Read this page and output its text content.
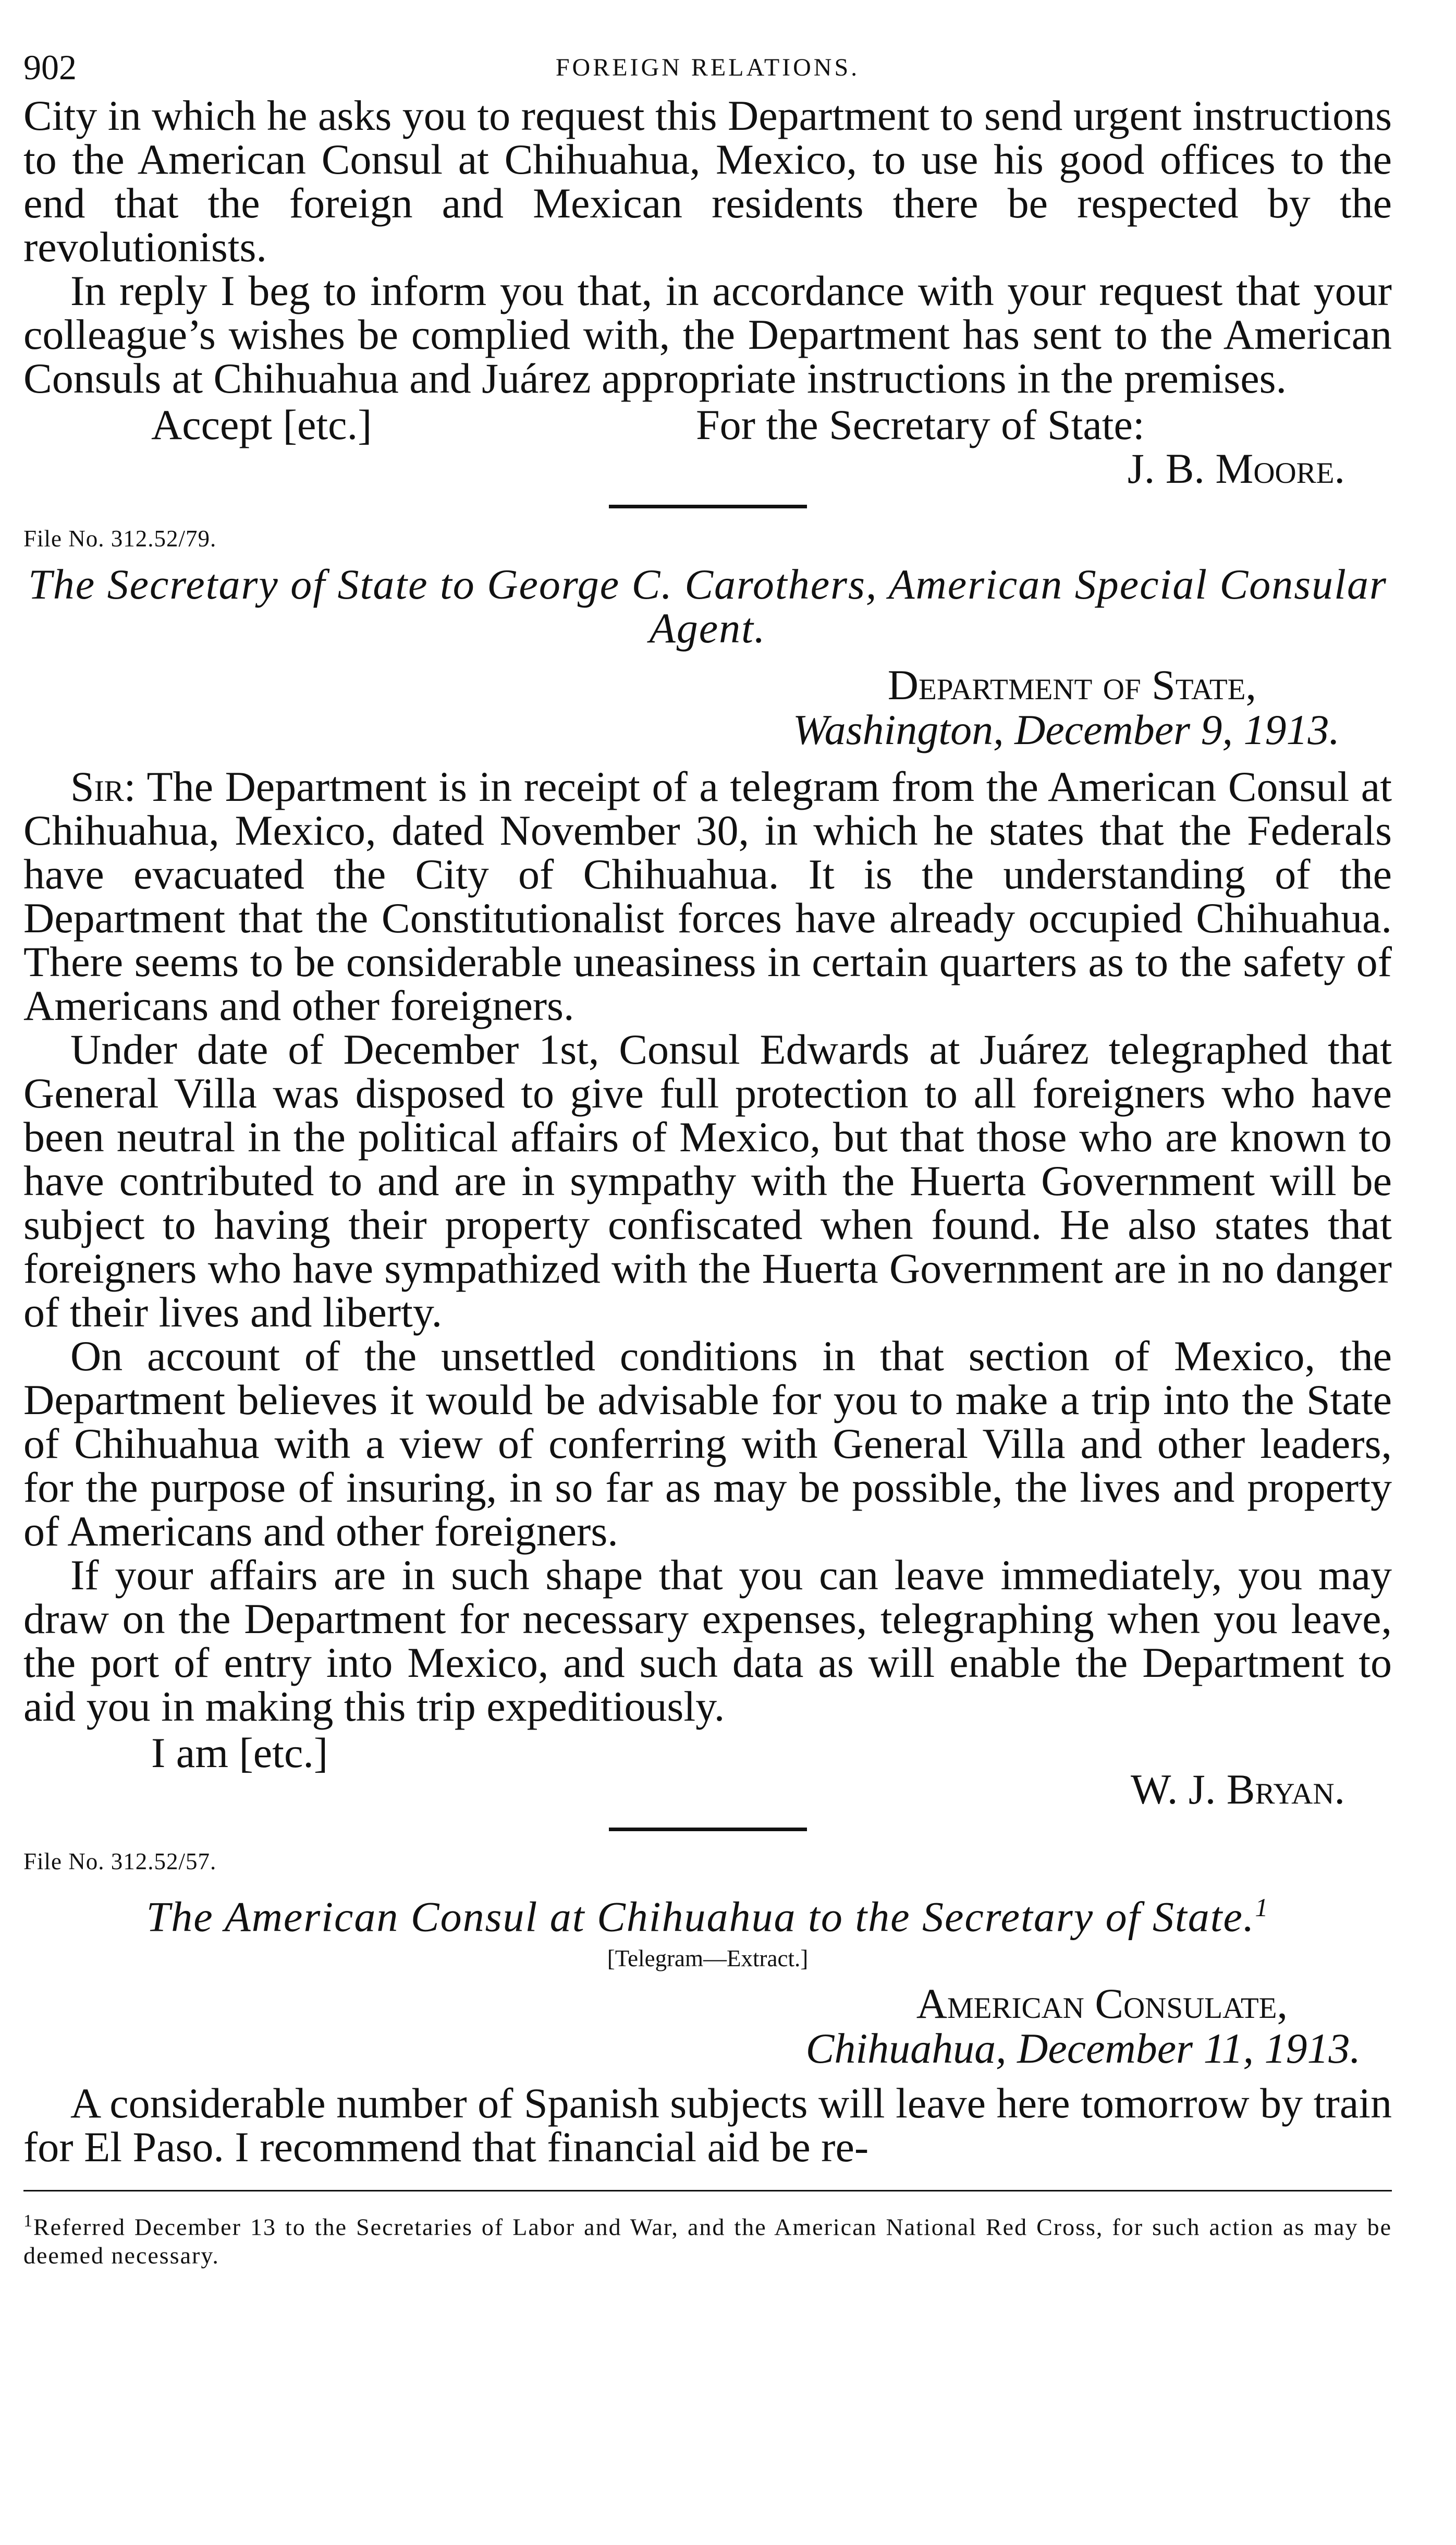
902	FOREIGN RELATIONS.

City in which he asks you to request this Department to send urgent instructions to the American Consul at Chihuahua, Mexico, to use his good offices to the end that the foreign and Mexican residents there be respected by the revolutionists.

In reply I beg to inform you that, in accordance with your request that your colleague’s wishes be complied with, the Department has sent to the American Consuls at Chihuahua and Juárez appropriate instructions in the premises.

Accept [etc.]	For the Secretary of State:
J. B. Moore.
File No. 312.52/79.
The Secretary of State to George C. Carothers, American Special Consular Agent.
Department of State,
Washington, December 9, 1913.

Sir: The Department is in receipt of a telegram from the American Consul at Chihuahua, Mexico, dated November 30, in which he states that the Federals have evacuated the City of Chihuahua. It is the understanding of the Department that the Constitutionalist forces have already occupied Chihuahua. There seems to be considerable uneasiness in certain quarters as to the safety of Americans and other foreigners.

Under date of December 1st, Consul Edwards at Juárez telegraphed that General Villa was disposed to give full protection to all foreigners who have been neutral in the political affairs of Mexico, but that those who are known to have contributed to and are in sympathy with the Huerta Government will be subject to having their property confiscated when found. He also states that foreigners who have sympathized with the Huerta Government are in no danger of their lives and liberty.

On account of the unsettled conditions in that section of Mexico, the Department believes it would be advisable for you to make a trip into the State of Chihuahua with a view of conferring with General Villa and other leaders, for the purpose of insuring, in so far as may be possible, the lives and property of Americans and other foreigners.

If your affairs are in such shape that you can leave immediately, you may draw on the Department for necessary expenses, telegraphing when you leave, the port of entry into Mexico, and such data as will enable the Department to aid you in making this trip expeditiously.

I am [etc.]
W. J. Bryan.
File No. 312.52/57.
The American Consul at Chihuahua to the Secretary of State.$^1$
[Telegram—Extract.]
American Consulate,
Chihuahua, December 11, 1913.

A considerable number of Spanish subjects will leave here tomorrow by train for El Paso. I recommend that financial aid be re-

$^1$Referred December 13 to the Secretaries of Labor and War, and the American National Red Cross, for such action as may be deemed necessary.
